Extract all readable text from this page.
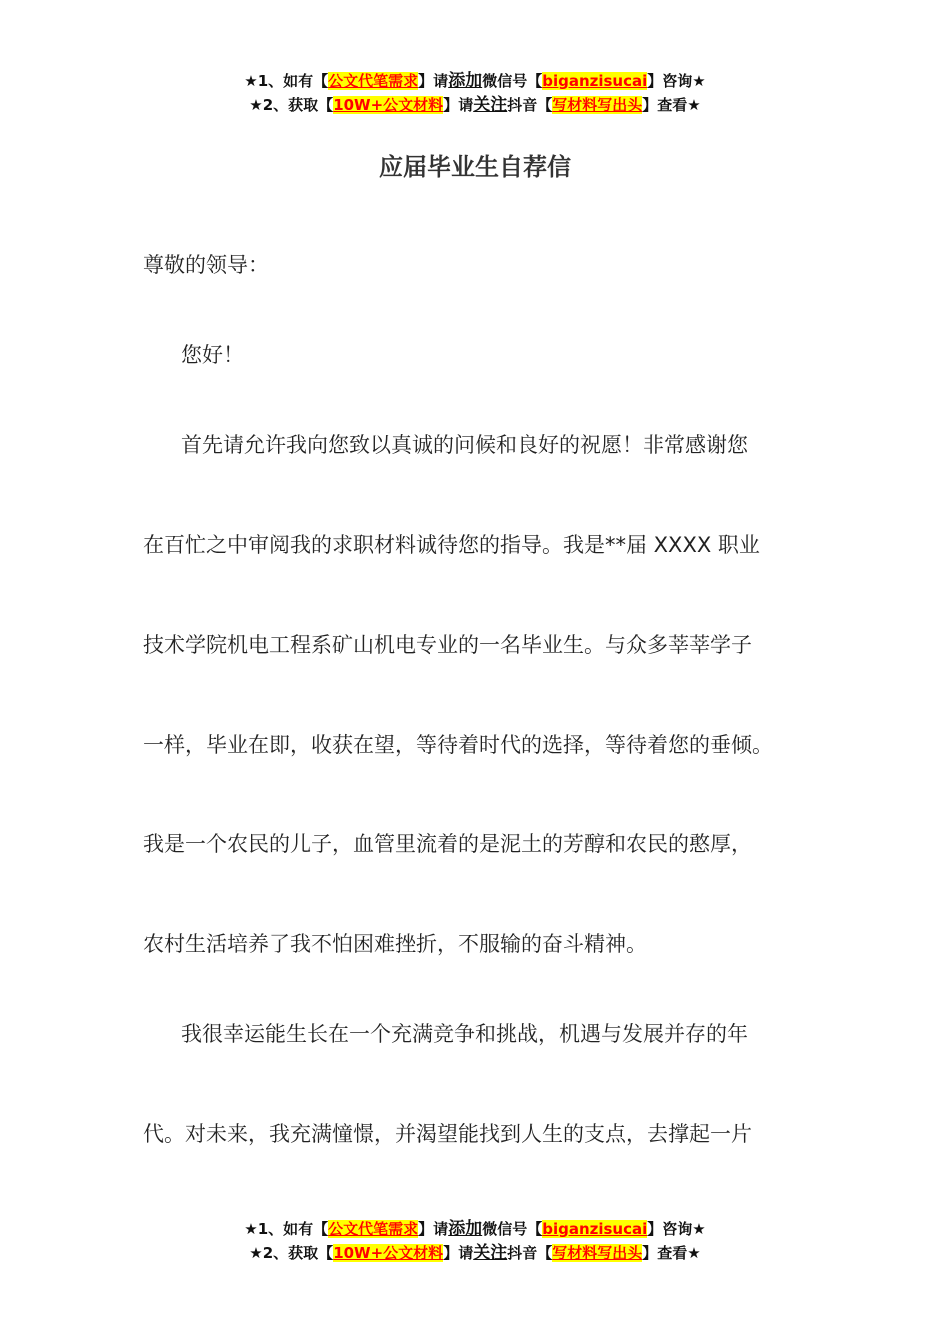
★1、如有【公文代笔需求】请添加微信号【biganzisucai】咨询★
★2、获取【10W+公文材料】请关注抖音【写材料写出头】查看★
应届毕业生自荐信
尊敬的领导：
您好！
首先请允许我向您致以真诚的问候和良好的祝愿！非常感谢您
在百忙之中审阅我的求职材料诚待您的指导。我是**届 XXXX 职业
技术学院机电工程系矿山机电专业的一名毕业生。与众多莘莘学子
一样，毕业在即，收获在望，等待着时代的选择，等待着您的垂倾。
我是一个农民的儿子，血管里流着的是泥土的芳醇和农民的憨厚，
农村生活培养了我不怕困难挫折，不服输的奋斗精神。
我很幸运能生长在一个充满竞争和挑战，机遇与发展并存的年
代。对未来，我充满憧憬，并渴望能找到人生的支点，去撑起一片
★1、如有【公文代笔需求】请添加微信号【biganzisucai】咨询★
★2、获取【10W+公文材料】请关注抖音【写材料写出头】查看★
